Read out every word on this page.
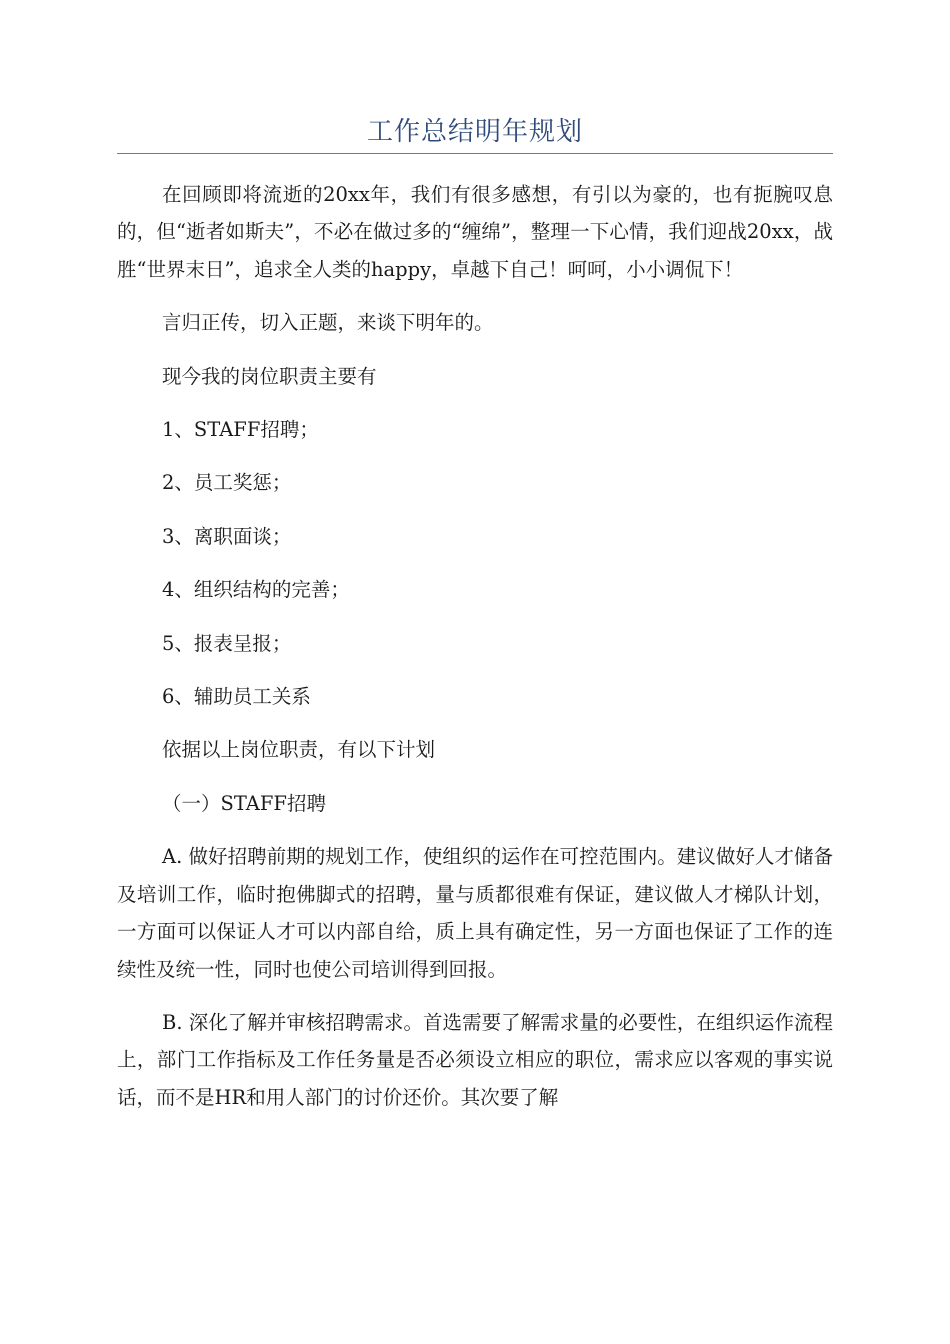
工作总结明年规划

在回顾即将流逝的20xx年，我们有很多感想，有引以为豪的，也有扼腕叹息的，但“逝者如斯夫”，不必在做过多的“缠绵”，整理一下心情，我们迎战20xx，战胜“世界末日”，追求全人类的happy，卓越下自己！呵呵，小小调侃下！

言归正传，切入正题，来谈下明年的。

现今我的岗位职责主要有

1、STAFF招聘；

2、员工奖惩；

3、离职面谈；

4、组织结构的完善；

5、报表呈报；

6、辅助员工关系

依据以上岗位职责，有以下计划

（一）STAFF招聘

A. 做好招聘前期的规划工作，使组织的运作在可控范围内。建议做好人才储备及培训工作，临时抱佛脚式的招聘，量与质都很难有保证，建议做人才梯队计划，一方面可以保证人才可以内部自给，质上具有确定性，另一方面也保证了工作的连续性及统一性，同时也使公司培训得到回报。

B. 深化了解并审核招聘需求。首选需要了解需求量的必要性，在组织运作流程上，部门工作指标及工作任务量是否必须设立相应的职位，需求应以客观的事实说话，而不是HR和用人部门的讨价还价。其次要了解
